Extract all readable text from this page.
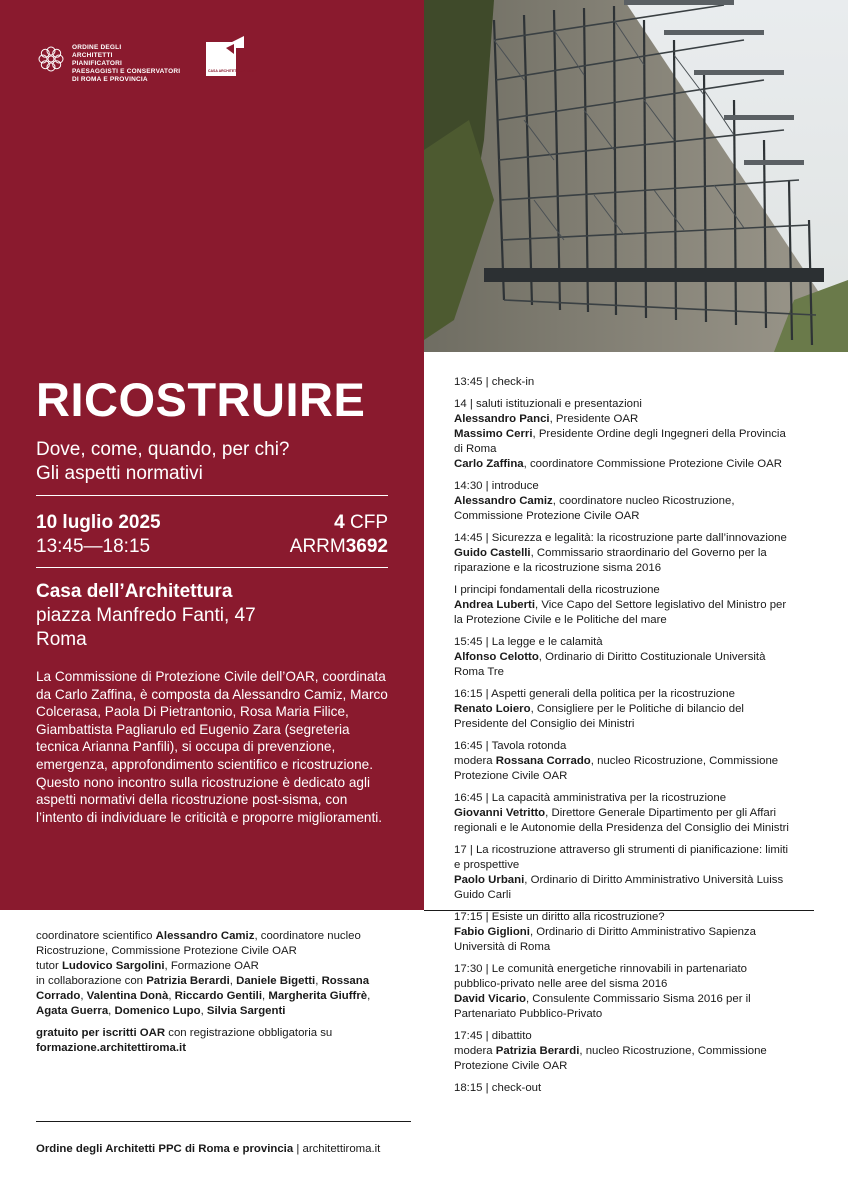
ORDINE DEGLI
ARCHITETTI
PIANIFICATORI
PAESAGGISTI E CONSERVATORI
DI ROMA E PROVINCIA
CASA ARCHITETTURA ROMA
RICOSTRUIRE
Dove, come, quando, per chi?
Gli aspetti normativi
10 luglio 2025
13:45—18:15
4 CFP
ARRM3692
Casa dell’Architettura
piazza Manfredo Fanti, 47
Roma
La Commissione di Protezione Civile dell’OAR, coordinata da Carlo Zaffina, è composta da Alessandro Camiz, Marco Colcerasa, Paola Di Pietrantonio, Rosa Maria Filice, Giambattista Pagliarulo ed Eugenio Zara (segreteria tecnica Arianna Panfili), si occupa di prevenzione, emergenza, approfondimento scientifico e ricostruzione. Questo nono incontro sulla ricostruzione è dedicato agli aspetti normativi della ricostruzione post-sisma, con l’intento di individuare le criticità e proporre miglioramenti.
13:45 | check-in
14 | saluti istituzionali e presentazioni
Alessandro Panci, Presidente OAR
Massimo Cerri, Presidente Ordine degli Ingegneri della Provincia
di Roma
Carlo Zaffina, coordinatore Commissione Protezione Civile OAR
14:30 | introduce
Alessandro Camiz, coordinatore nucleo Ricostruzione,
Commissione Protezione Civile OAR
14:45 | Sicurezza e legalità: la ricostruzione parte dall’innovazione
Guido Castelli, Commissario straordinario del Governo per la
riparazione e la ricostruzione sisma 2016
I principi fondamentali della ricostruzione
Andrea Luberti, Vice Capo del Settore legislativo del Ministro per
la Protezione Civile e le Politiche del mare
15:45 | La legge e le calamità
Alfonso Celotto, Ordinario di Diritto Costituzionale Università
Roma Tre
16:15 | Aspetti generali della politica per la ricostruzione
Renato Loiero, Consigliere per le Politiche di bilancio del
Presidente del Consiglio dei Ministri
16:45 | Tavola rotonda
modera Rossana Corrado, nucleo Ricostruzione, Commissione
Protezione Civile OAR
16:45 | La capacità amministrativa per la ricostruzione
Giovanni Vetritto, Direttore Generale Dipartimento per gli Affari
regionali e le Autonomie della Presidenza del Consiglio dei Ministri
17 | La ricostruzione attraverso gli strumenti di pianificazione: limiti
e prospettive
Paolo Urbani, Ordinario di Diritto Amministrativo Università Luiss
Guido Carli
17:15 | Esiste un diritto alla ricostruzione?
Fabio Giglioni, Ordinario di Diritto Amministrativo Sapienza
Università di Roma
17:30 | Le comunità energetiche rinnovabili in partenariato
pubblico-privato nelle aree del sisma 2016
David Vicario, Consulente Commissario Sisma 2016 per il
Partenariato Pubblico-Privato
17:45 | dibattito
modera Patrizia Berardi, nucleo Ricostruzione, Commissione
Protezione Civile OAR
18:15 | check-out
coordinatore scientifico Alessandro Camiz, coordinatore nucleo
Ricostruzione, Commissione Protezione Civile OAR
tutor Ludovico Sargolini, Formazione OAR
in collaborazione con Patrizia Berardi, Daniele Bigetti, Rossana
Corrado, Valentina Donà, Riccardo Gentili, Margherita Giuffrè,
Agata Guerra, Domenico Lupo, Silvia Sargenti
gratuito per iscritti OAR con registrazione obbligatoria su
formazione.architettiroma.it
Ordine degli Architetti PPC di Roma e provincia | architettiroma.it
